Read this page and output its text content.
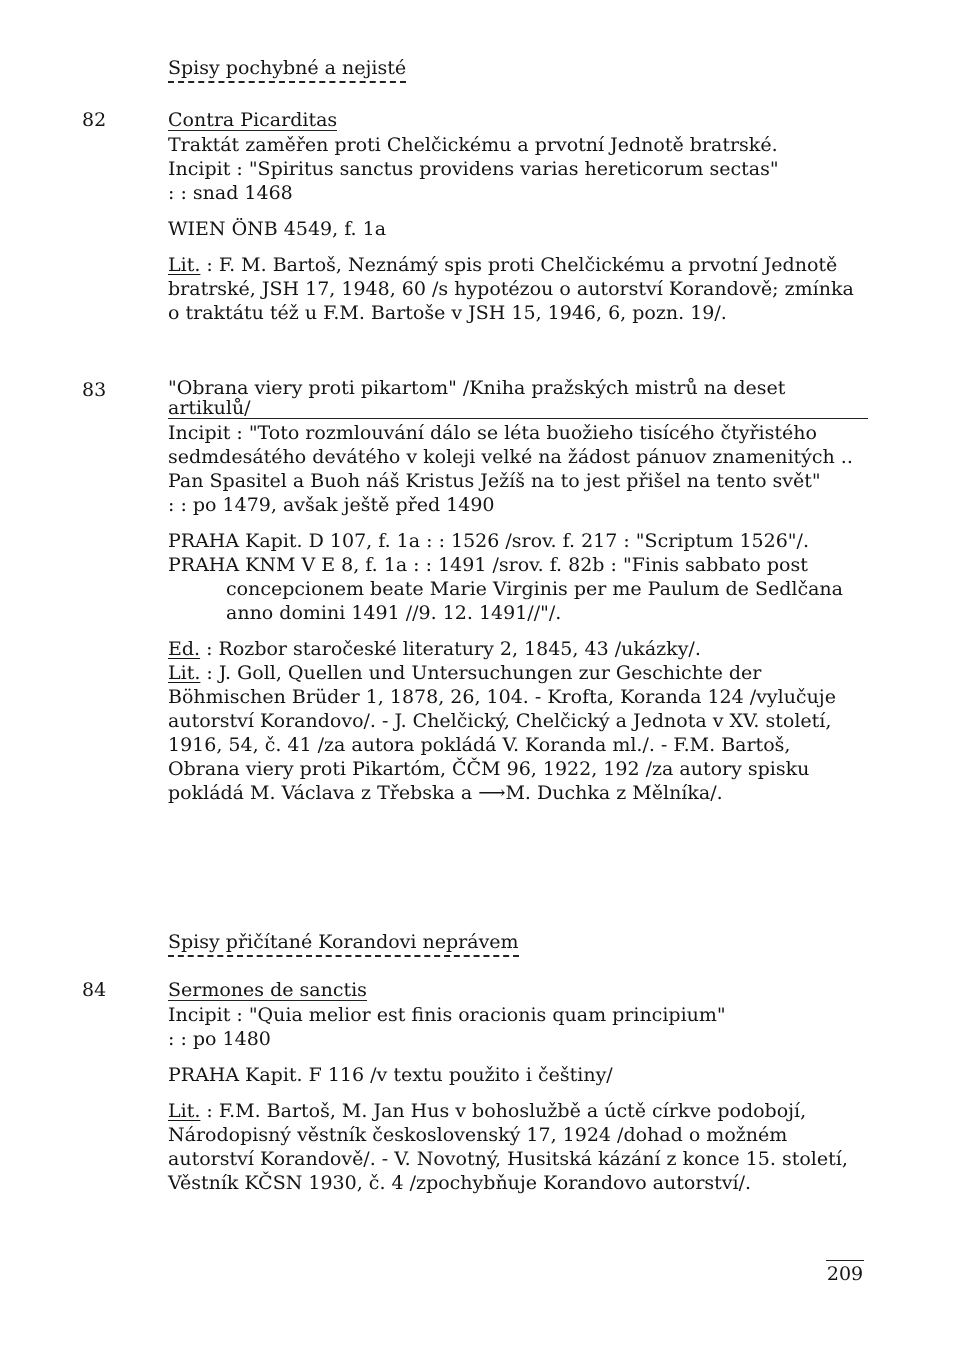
Spisy pochybné a nejisté
82	Contra Picarditas
Traktát zaměřen proti Chelčickému a prvotní Jednotě bratrské.
Incipit : "Spiritus sanctus providens varias hereticorum sectas"
: : snad 1468
WIEN ÖNB 4549, f. 1a
Lit. : F. M. Bartoš, Neznámý spis proti Chelčickému a prvotní Jednotě bratrské, JSH 17, 1948, 60 /s hypotézou o autorství Korandově; zmínka o traktátu též u F.M. Bartoše v JSH 15, 1946, 6, pozn. 19/.
83	"Obrana viery proti pikartom" /Kniha pražských mistrů na deset artikulů/
Incipit : "Toto rozmlouvání dálo se léta buožieho tisícého čtyřistého sedmdesátého devátého v koleji velké na žádost pánuov znamenitých .. Pan Spasitel a Buoh náš Kristus Ježíš na to jest přišel na tento svět"
: : po 1479, avšak ještě před 1490
PRAHA Kapit. D 107, f. 1a : : 1526 /srov. f. 217 : "Scriptum 1526"/.
PRAHA KNM V E 8, f. 1a : : 1491 /srov. f. 82b : "Finis sabbato post concepcionem beate Marie Virginis per me Paulum de Sedlčana anno domini 1491 //9. 12. 1491//"/.
Ed. : Rozbor staročeské literatury 2, 1845, 43 /ukázky/.
Lit. : J. Goll, Quellen und Untersuchungen zur Geschichte der Böhmischen Brüder 1, 1878, 26, 104. - Krofta, Koranda 124 /vylučuje autorství Korandovo/. - J. Chelčický, Chelčický a Jednota v XV. století, 1916, 54, č. 41 /za autora pokládá V. Koranda ml./. - F.M. Bartoš, Obrana viery proti Pikartóm, ČČM 96, 1922, 192 /za autory spisku pokládá M. Václava z Třebska a ⟶M. Duchka z Mělníka/.
Spisy přičítané Korandovi neprávem
84	Sermones de sanctis
Incipit : "Quia melior est finis oracionis quam principium"
: : po 1480
PRAHA Kapit. F 116 /v textu použito i češtiny/
Lit. : F.M. Bartoš, M. Jan Hus v bohoslužbě a úctě církve podobojí, Národopisný věstník československý 17, 1924 /dohad o možném autorství Korandově/. - V. Novotný, Husitská kázání z konce 15. století, Věstník KČSN 1930, č. 4 /zpochybňuje Korandovo autorství/.
209
